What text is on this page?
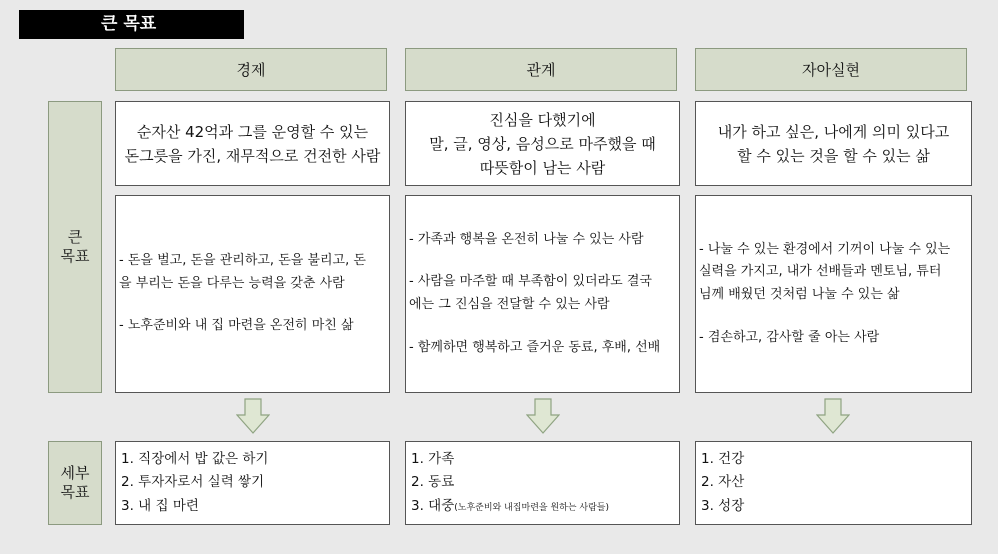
큰 목표
경제	관계	자아실현
큰
목표
세부
목표
순자산 42억과 그를 운영할 수 있는
돈그릇을 가진, 재무적으로 건전한 사람
진심을 다했기에
말, 글, 영상, 음성으로 마주했을 때
따뜻함이 남는 사람
내가 하고 싶은, 나에게 의미 있다고
할 수 있는 것을 할 수 있는 삶
- 돈을 벌고, 돈을 관리하고, 돈을 불리고, 돈
을 부리는 돈을 다루는 능력을 갖춘 사람
- 노후준비와 내 집 마련을 온전히 마친 삶
- 가족과 행복을 온전히 나눌 수 있는 사람
- 사람을 마주할 때 부족함이 있더라도 결국
에는 그 진심을 전달할 수 있는 사람
- 함께하면 행복하고 즐거운 동료, 후배, 선배
- 나눌 수 있는 환경에서 기꺼이 나눌 수 있는
실력을 가지고, 내가 선배들과 멘토님, 튜터
님께 배웠던 것처럼 나눌 수 있는 삶
- 겸손하고, 감사할 줄 아는 사람
1. 직장에서 밥 값은 하기
2. 투자자로서 실력 쌓기
3. 내 집 마련
1. 가족
2. 동료
3. 대중(노후준비와 내집마련을 원하는 사람들)
1. 건강
2. 자산
3. 성장
